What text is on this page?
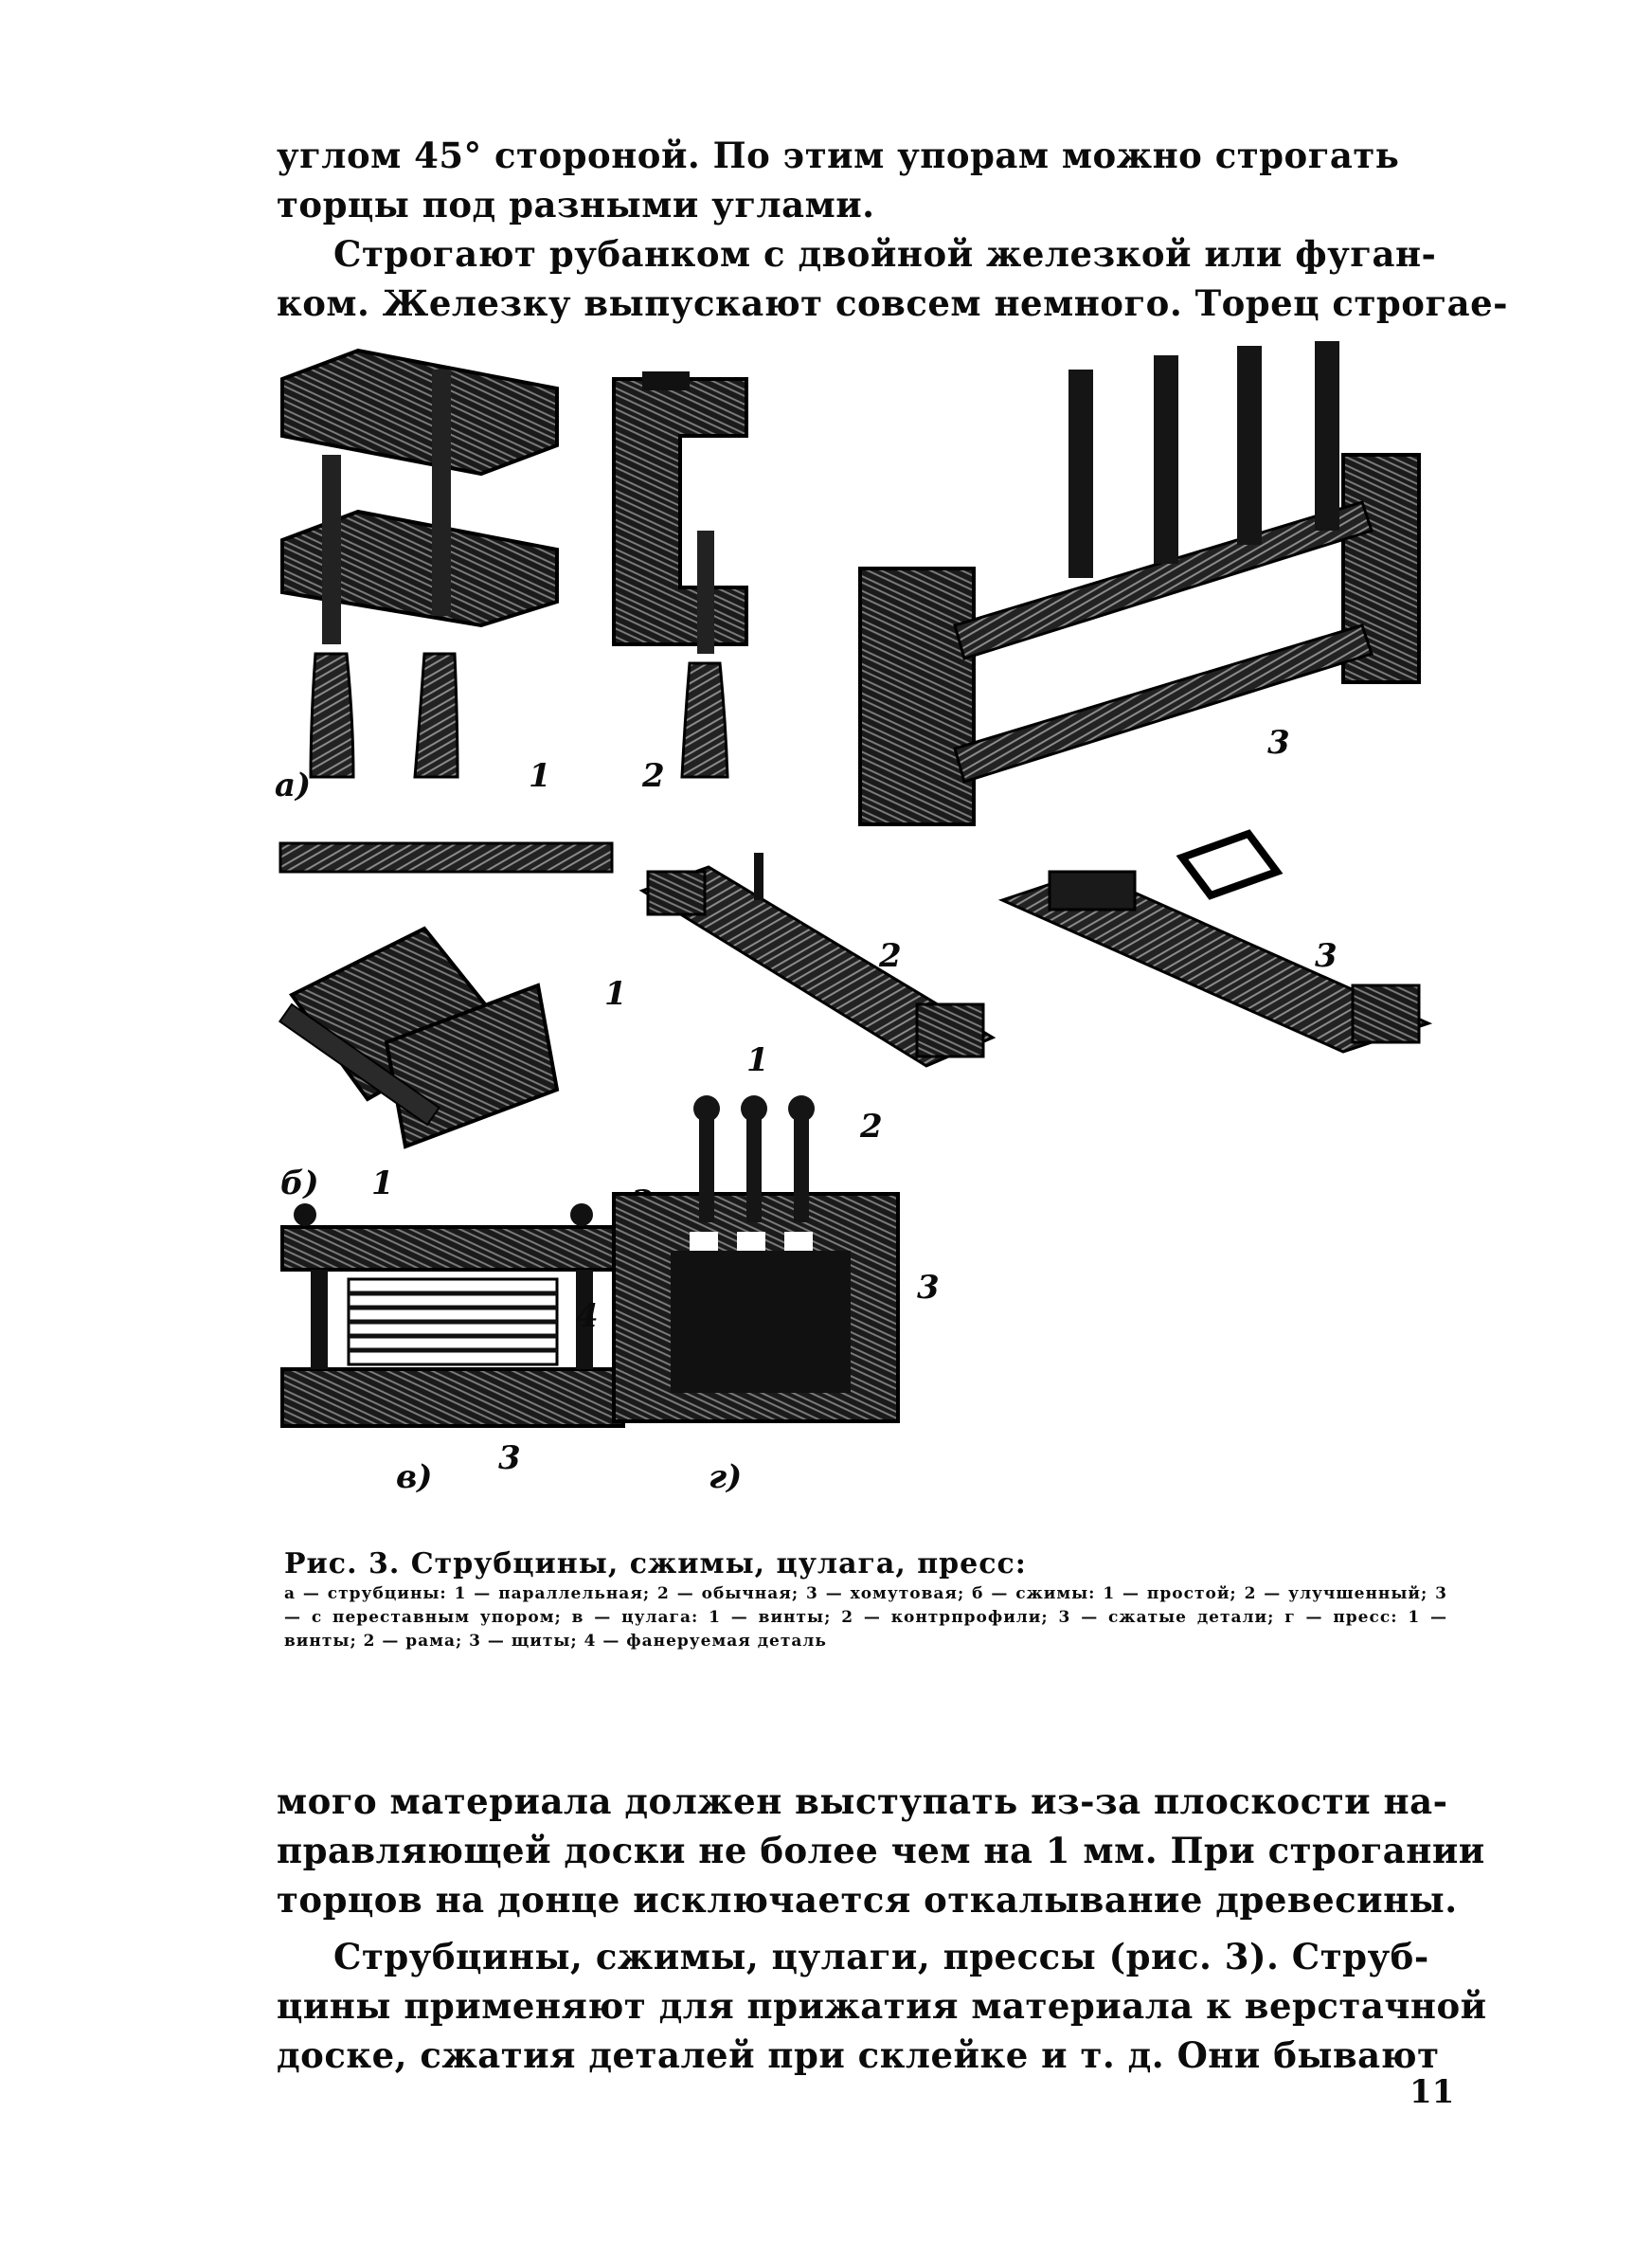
углом 45° стороной. По этим упорам можно строгать
торцы под разными углами.
Строгают рубанком с двойной железкой или фуган-
ком. Железку выпускают совсем немного. Торец строгае-
а)	1	2
3
б)
1
2	3
1
3
в)
1
2
3
4
г)
Рис. 3. Струбцины, сжимы, цулага, пресс:
а — струбцины: 1 — параллельная; 2 — обычная; 3 — хомутовая; б — сжимы: 1 — простой; 2 — улучшенный; 3 — с переставным упором; в — цулага: 1 — винты; 2 — контрпрофили; 3 — сжатые детали; г — пресс: 1 — винты; 2 — рама; 3 — щиты; 4 — фанеруемая деталь
мого материала должен выступать из-за плоскости на-
правляющей доски не более чем на 1 мм. При строгании
торцов на донце исключается откалывание древесины.
Струбцины, сжимы, цулаги, прессы (рис. 3). Струб-
цины применяют для прижатия материала к верстачной
доске, сжатия деталей при склейке и т. д. Они бывают
11
